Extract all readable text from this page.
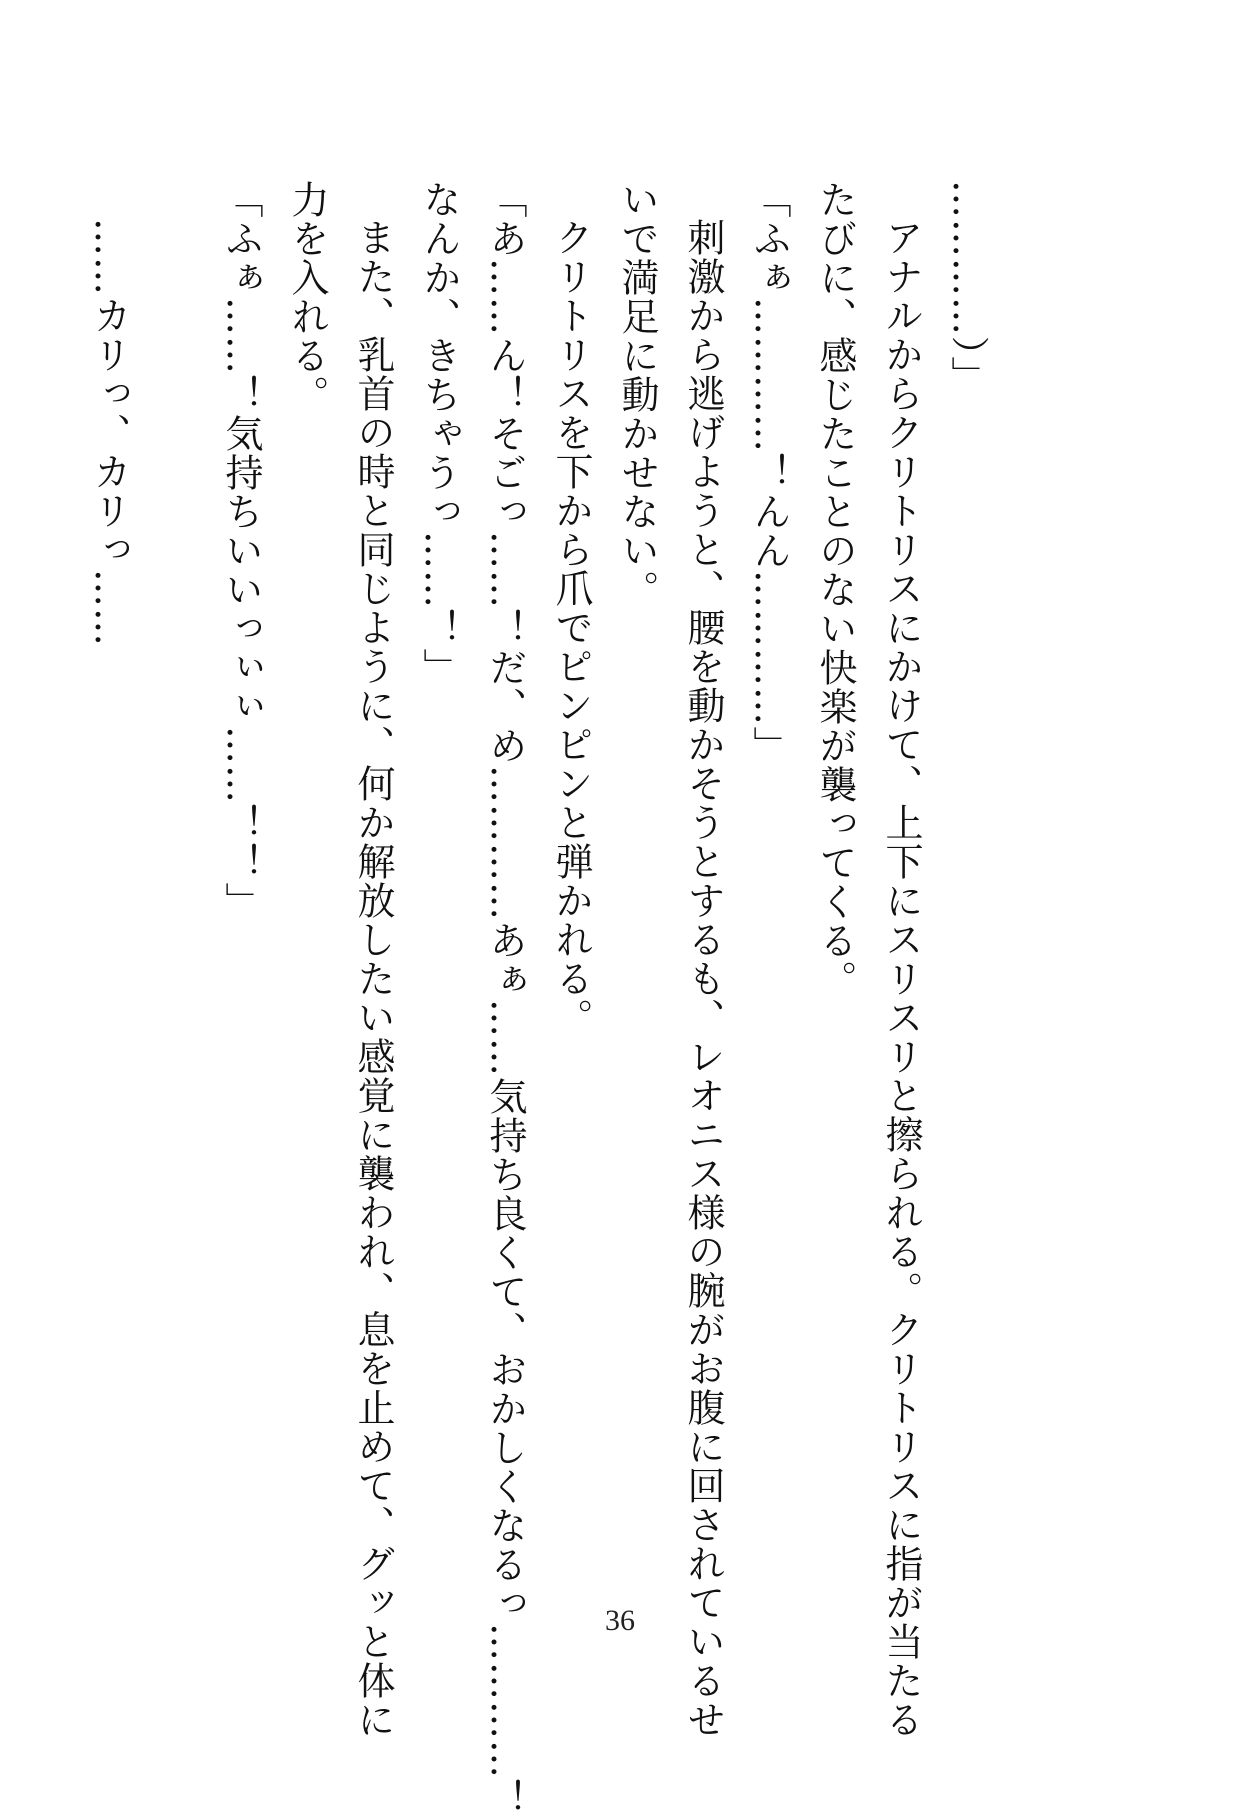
…………）」

アナルからクリトリスにかけて、上下にスリスリと擦られる。クリトリスに指が当たる

たびに、感じたことのない快楽が襲ってくる。

「ふぁ…………！んん…………」

刺激から逃げようと、腰を動かそうとするも、レオニス様の腕がお腹に回されているせ

いで満足に動かせない。

クリトリスを下から爪でピンピンと弾かれる。

「あ……ん！そごっ……！だ、め…………あぁ……気持ち良くて、おかしくなるっ…………！

なんか、きちゃうっ……！」

また、乳首の時と同じように、何か解放したい感覚に襲われ、息を止めて、グッと体に

力を入れる。

「ふぁ……！気持ちいいっぃぃ……！！」

……カリっ、カリっ……

36
